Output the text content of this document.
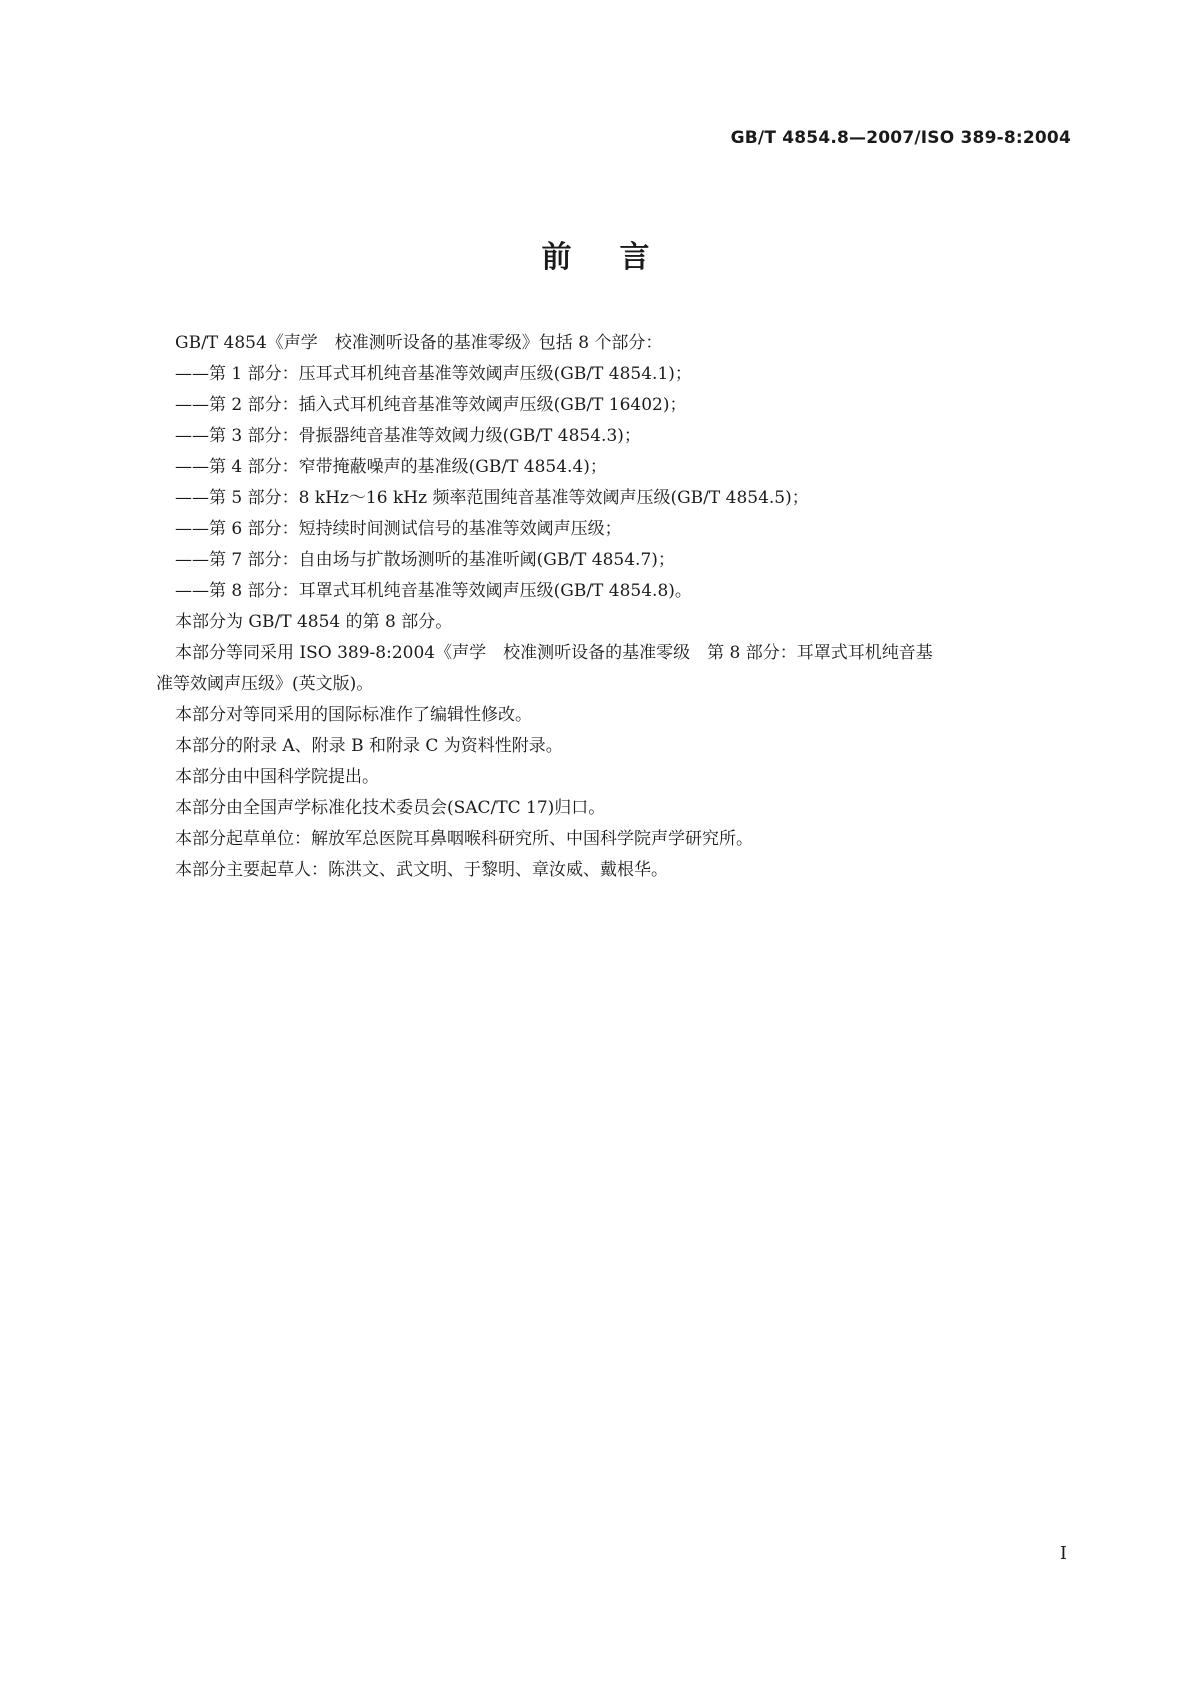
GB/T 4854.8—2007/ISO 389-8:2004
前言

GB/T 4854《声学　校准测听设备的基准零级》包括 8 个部分：

——第 1 部分：压耳式耳机纯音基准等效阈声压级(GB/T 4854.1)；

——第 2 部分：插入式耳机纯音基准等效阈声压级(GB/T 16402)；

——第 3 部分：骨振器纯音基准等效阈力级(GB/T 4854.3)；

——第 4 部分：窄带掩蔽噪声的基准级(GB/T 4854.4)；

——第 5 部分：8 kHz～16 kHz 频率范围纯音基准等效阈声压级(GB/T 4854.5)；

——第 6 部分：短持续时间测试信号的基准等效阈声压级；

——第 7 部分：自由场与扩散场测听的基准听阈(GB/T 4854.7)；

——第 8 部分：耳罩式耳机纯音基准等效阈声压级(GB/T 4854.8)。

本部分为 GB/T 4854 的第 8 部分。

本部分等同采用 ISO 389-8:2004《声学　校准测听设备的基准零级　第 8 部分：耳罩式耳机纯音基
准等效阈声压级》(英文版)。

本部分对等同采用的国际标准作了编辑性修改。

本部分的附录 A、附录 B 和附录 C 为资料性附录。

本部分由中国科学院提出。

本部分由全国声学标准化技术委员会(SAC/TC 17)归口。

本部分起草单位：解放军总医院耳鼻咽喉科研究所、中国科学院声学研究所。

本部分主要起草人：陈洪文、武文明、于黎明、章汝威、戴根华。

I
